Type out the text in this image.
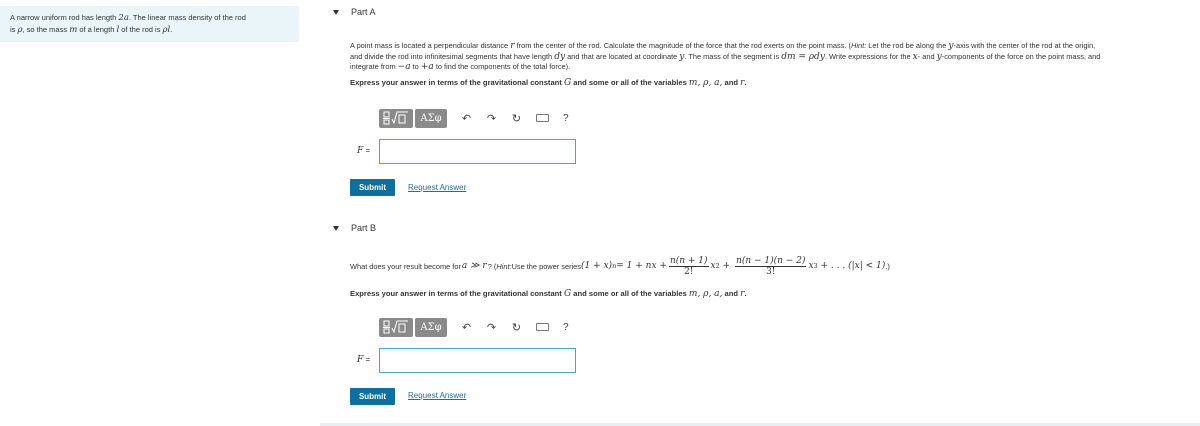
A narrow uniform rod has length 2a. The linear mass density of the rod
is ρ, so the mass m of a length l of the rod is ρl.
Part A
A point mass is located a perpendicular distance r from the center of the rod. Calculate the magnitude of the force that the rod exerts on the point mass. (Hint: Let the rod be along the y-axis with the center of the rod at the origin,
and divide the rod into infinitesimal segments that have length dy and that are located at coordinate y. The mass of the segment is dm = ρdy. Write expressions for the x- and y-components of the force on the point mass, and
integrate from −a to +a to find the components of the total force).
Express your answer in terms of the gravitational constant G and some or all of the variables m, ρ, a, and r.
ΑΣφ	↶ ↷ ↻	?
F =
Submit	Request Answer
Part B
What does your result become for a ≫ r ? ( Hint: Use the power series (1 + x) n = 1 + nx + $\frac{n(n + 1)}{2!}$ x $2 + \frac{n(n - 1)(n - 2)}{3!}$ x 3 + . . . (|x| < 1) .)
Express your answer in terms of the gravitational constant G and some or all of the variables m, ρ, a, and r.
ΑΣφ	↶ ↷ ↻	?
F =
Submit	Request Answer
